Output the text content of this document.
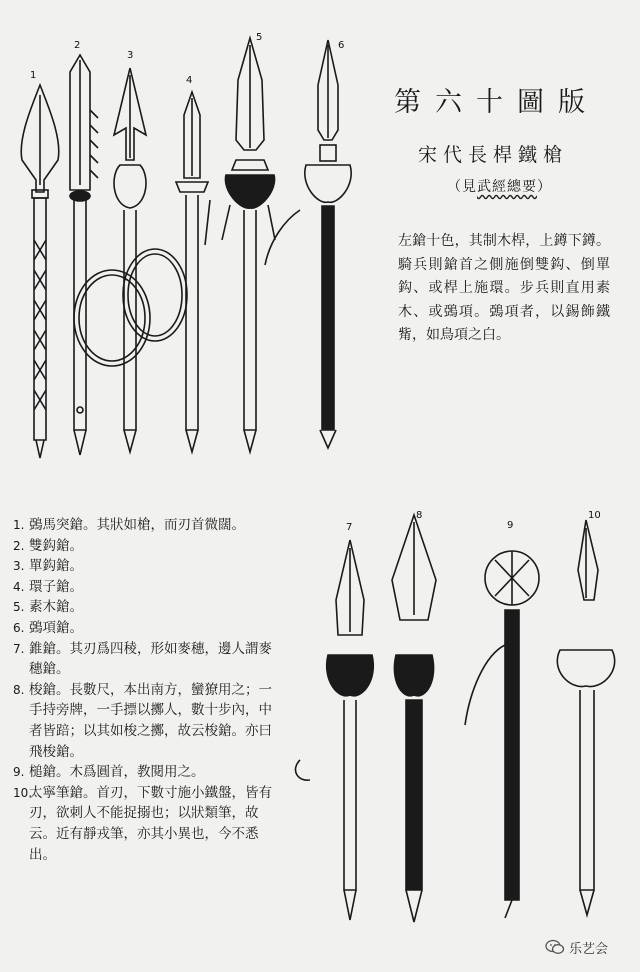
1
2
3
4
5
6
7
8
9
10
第六十圖版
宋代長桿鐵槍
（見武經總要）

左鎗十色，其制木桿，上鐏下鐏。騎兵則鎗首之側施倒雙鈎、倒單鈎、或桿上施環。步兵則直用素木、或鵶項。鵶項者，以錫飾鐵觜，如鳥項之白。

1. 鵶馬突鎗。其狀如槍，而刃首微闊。
2. 雙鈎鎗。
3. 單鈎鎗。
4. 環子鎗。
5. 素木鎗。
6. 鵶項鎗。
7. 錐鎗。其刃爲四稜，形如麥穗，邊人謂麥穗鎗。
8. 梭鎗。長數尺，本出南方，蠻獠用之；一手持旁牌，一手摽以擲人，數十步內，中者皆踣；以其如梭之擲，故云梭鎗。亦曰飛梭鎗。
9. 槌鎗。木爲圓首，教閱用之。
10.
太寧筆鎗。首刃，下數寸施小鐵盤，皆有刃，欲刺人不能捉搦也；以狀類筆，故云。近有靜戎筆，亦其小異也，今不悉出。
乐艺会
